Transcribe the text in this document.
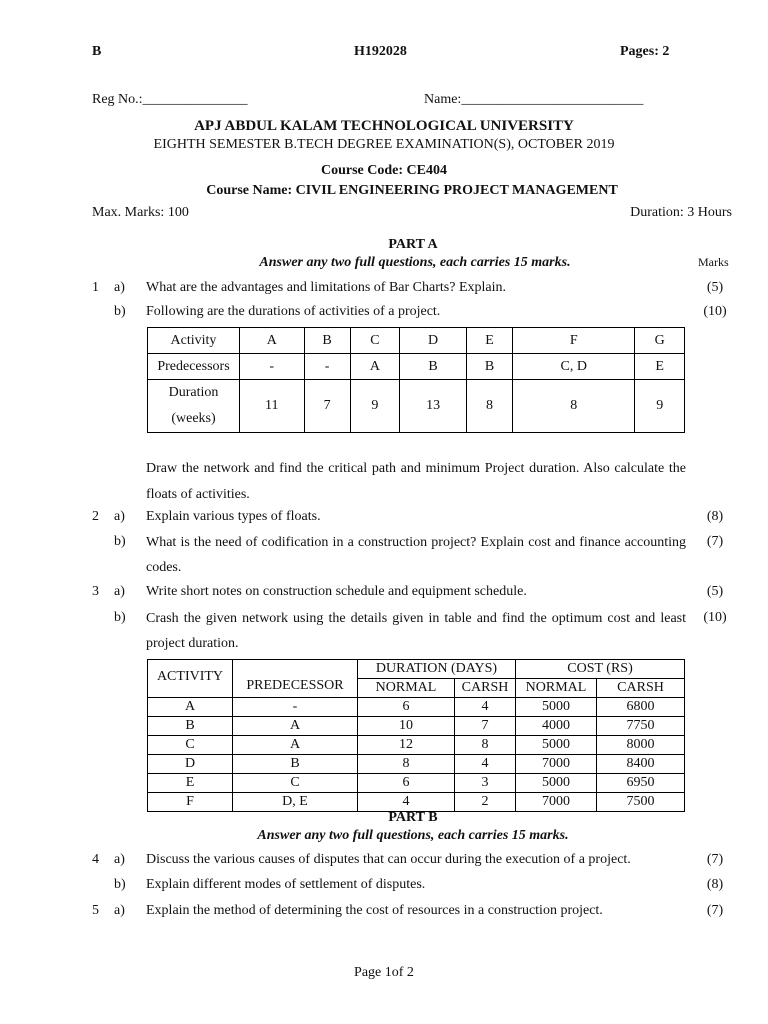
B	H192028	Pages: 2
Reg No.:_______________	Name:__________________________
APJ ABDUL KALAM TECHNOLOGICAL UNIVERSITY
EIGHTH SEMESTER B.TECH DEGREE EXAMINATION(S), OCTOBER 2019
Course Code: CE404
Course Name: CIVIL ENGINEERING PROJECT MANAGEMENT
Max. Marks: 100	Duration: 3 Hours
PART A
Answer any two full questions, each carries 15 marks.	Marks
1 a) What are the advantages and limitations of Bar Charts? Explain.	(5)
b) Following are the durations of activities of a project.	(10)
Activity	A	B	C	D	E	F	G
Predecessors	-	-	A	B	B	C, D	E

Duration
(weeks)	11	7	9	13	8	8	9
Draw the network and find the critical path and minimum Project duration. Also calculate the floats of activities.
2 a) Explain various types of floats.	(8)
b) What is the need of codification in a construction project? Explain cost and finance accounting codes.
(7)
3 a) Write short notes on construction schedule and equipment schedule.	(5)
b) Crash the given network using the details given in table and find the optimum cost and least project duration.
(10)
ACTIVITY	PREDECESSOR	DURATION (DAYS)		COST (RS)	
		NORMAL	CARSH	NORMAL	CARSH
A	-	6	4	5000	6800
B	A	10	7	4000	7750
C	A	12	8	5000	8000
D	B	8	4	7000	8400
E	C	6	3	5000	6950
F	D, E	4	2	7000	7500
PART B
Answer any two full questions, each carries 15 marks.
4 a) Discuss the various causes of disputes that can occur during the execution of a project.	(7)
b) Explain different modes of settlement of disputes.	(8)
5 a) Explain the method of determining the cost of resources in a construction project.	(7)
Page 1of 2
